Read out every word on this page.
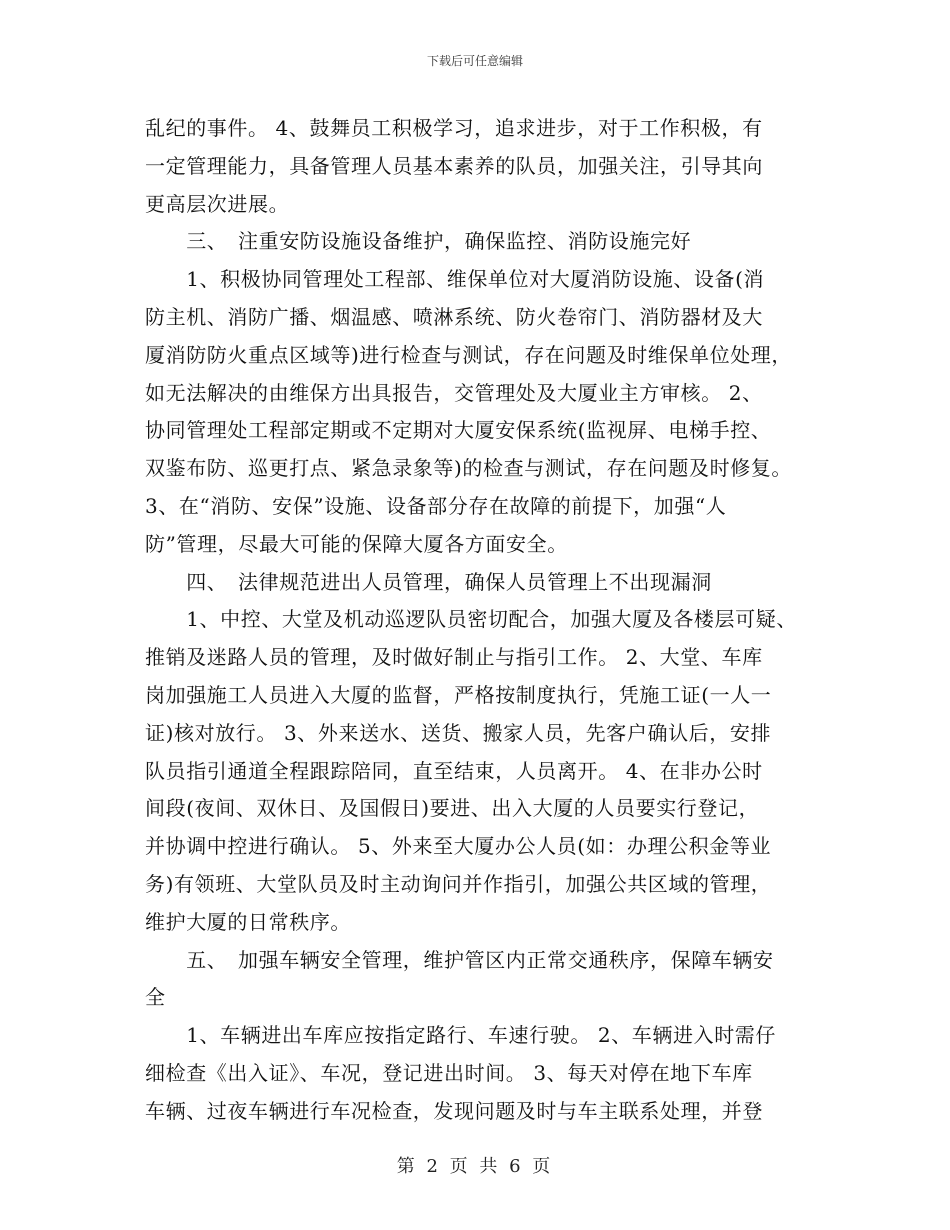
下载后可任意编辑
乱纪的事件。 4、鼓舞员工积极学习，追求进步，对于工作积极，有
一定管理能力，具备管理人员基本素养的队员，加强关注，引导其向
更高层次进展。
　　三、　注重安防设施设备维护，确保监控、消防设施完好
　　1、积极协同管理处工程部、维保单位对大厦消防设施、设备(消
防主机、消防广播、烟温感、喷淋系统、防火卷帘门、消防器材及大
厦消防防火重点区域等)进行检查与测试，存在问题及时维保单位处理，
如无法解决的由维保方出具报告，交管理处及大厦业主方审核。 2、
协同管理处工程部定期或不定期对大厦安保系统(监视屏、电梯手控、
双鉴布防、巡更打点、紧急录象等)的检查与测试，存在问题及时修复。
3、在“消防、安保”设施、设备部分存在故障的前提下，加强“人
防”管理，尽最大可能的保障大厦各方面安全。
　　四、　法律规范进出人员管理，确保人员管理上不出现漏洞
　　1、中控、大堂及机动巡逻队员密切配合，加强大厦及各楼层可疑、
推销及迷路人员的管理，及时做好制止与指引工作。 2、大堂、车库
岗加强施工人员进入大厦的监督，严格按制度执行，凭施工证(一人一
证)核对放行。 3、外来送水、送货、搬家人员，先客户确认后，安排
队员指引通道全程跟踪陪同，直至结束，人员离开。 4、在非办公时
间段(夜间、双休日、及国假日)要进、出入大厦的人员要实行登记，
并协调中控进行确认。 5、外来至大厦办公人员(如：办理公积金等业
务)有领班、大堂队员及时主动询问并作指引，加强公共区域的管理，
维护大厦的日常秩序。
　　五、　加强车辆安全管理，维护管区内正常交通秩序，保障车辆安
全
　　1、车辆进出车库应按指定路行、车速行驶。 2、车辆进入时需仔
细检查《出入证》、车况，登记进出时间。 3、每天对停在地下车库
车辆、过夜车辆进行车况检查，发现问题及时与车主联系处理，并登
第 2 页 共 6 页
